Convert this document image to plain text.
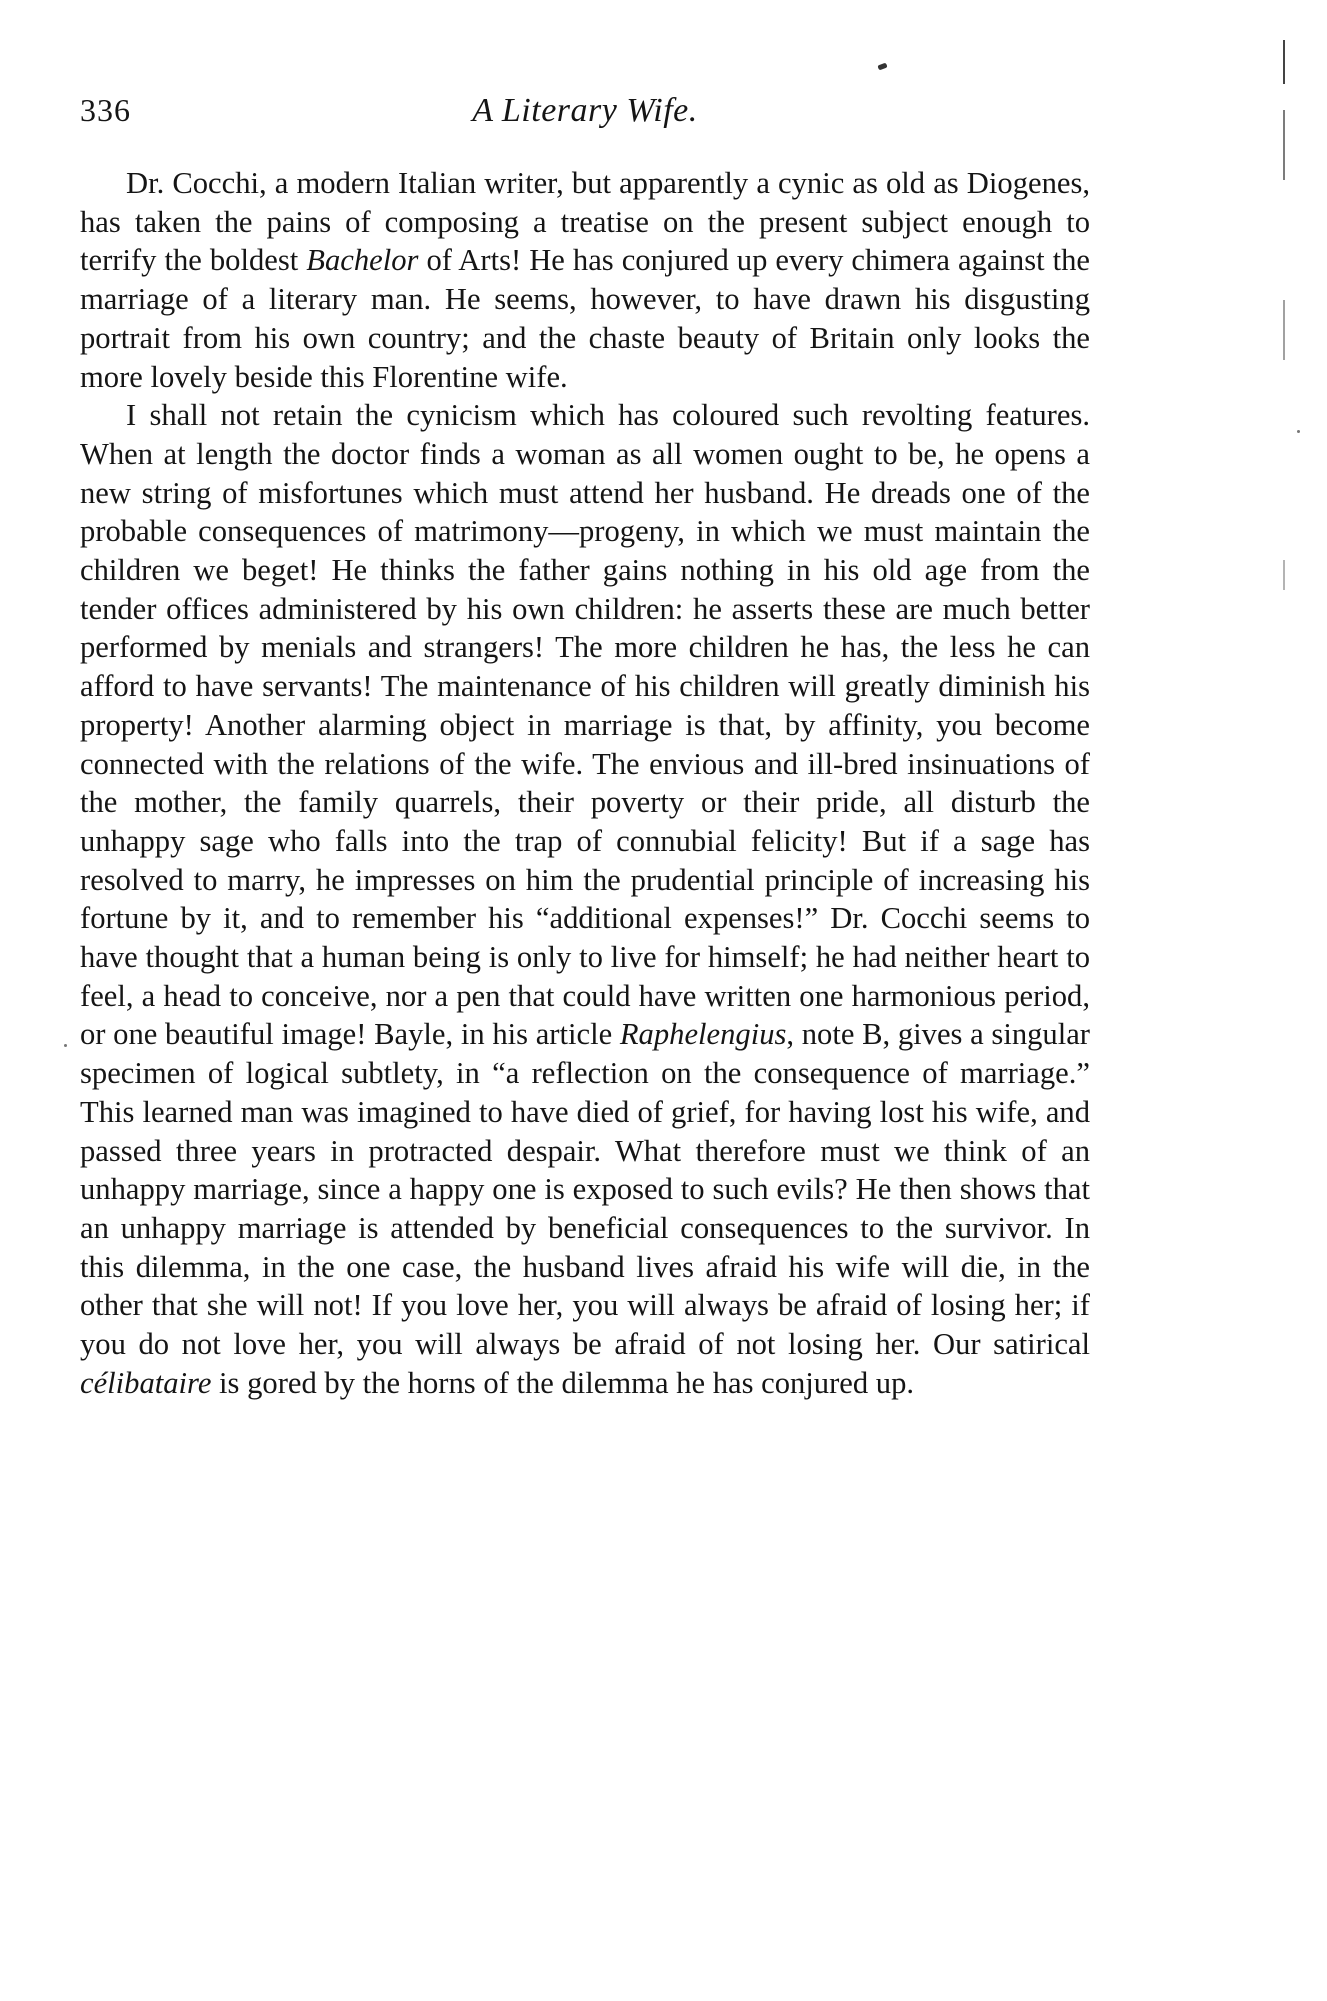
336	A Literary Wife.

Dr. Cocchi, a modern Italian writer, but apparently a cynic as old as Diogenes, has taken the pains of composing a treatise on the present subject enough to terrify the boldest Bachelor of Arts! He has conjured up every chimera against the marriage of a literary man. He seems, however, to have drawn his disgusting portrait from his own country; and the chaste beauty of Britain only looks the more lovely beside this Florentine wife.

I shall not retain the cynicism which has coloured such revolting features. When at length the doctor finds a woman as all women ought to be, he opens a new string of misfortunes which must attend her husband. He dreads one of the probable consequences of matrimony—progeny, in which we must maintain the children we beget! He thinks the father gains nothing in his old age from the tender offices administered by his own children: he asserts these are much better performed by menials and strangers! The more children he has, the less he can afford to have servants! The maintenance of his children will greatly diminish his property! Another alarming object in marriage is that, by affinity, you become connected with the relations of the wife. The envious and ill-bred insinuations of the mother, the family quarrels, their poverty or their pride, all disturb the unhappy sage who falls into the trap of connubial felicity! But if a sage has resolved to marry, he impresses on him the prudential principle of increasing his fortune by it, and to remember his “additional expenses!” Dr. Cocchi seems to have thought that a human being is only to live for himself; he had neither heart to feel, a head to conceive, nor a pen that could have written one harmonious period, or one beautiful image! Bayle, in his article Raphelengius, note B, gives a singular specimen of logical subtlety, in “a reflection on the consequence of marriage.” This learned man was imagined to have died of grief, for having lost his wife, and passed three years in protracted despair. What therefore must we think of an unhappy marriage, since a happy one is exposed to such evils? He then shows that an unhappy marriage is attended by beneficial consequences to the survivor. In this dilemma, in the one case, the husband lives afraid his wife will die, in the other that she will not! If you love her, you will always be afraid of losing her; if you do not love her, you will always be afraid of not losing her. Our satirical célibataire is gored by the horns of the dilemma he has conjured up.
